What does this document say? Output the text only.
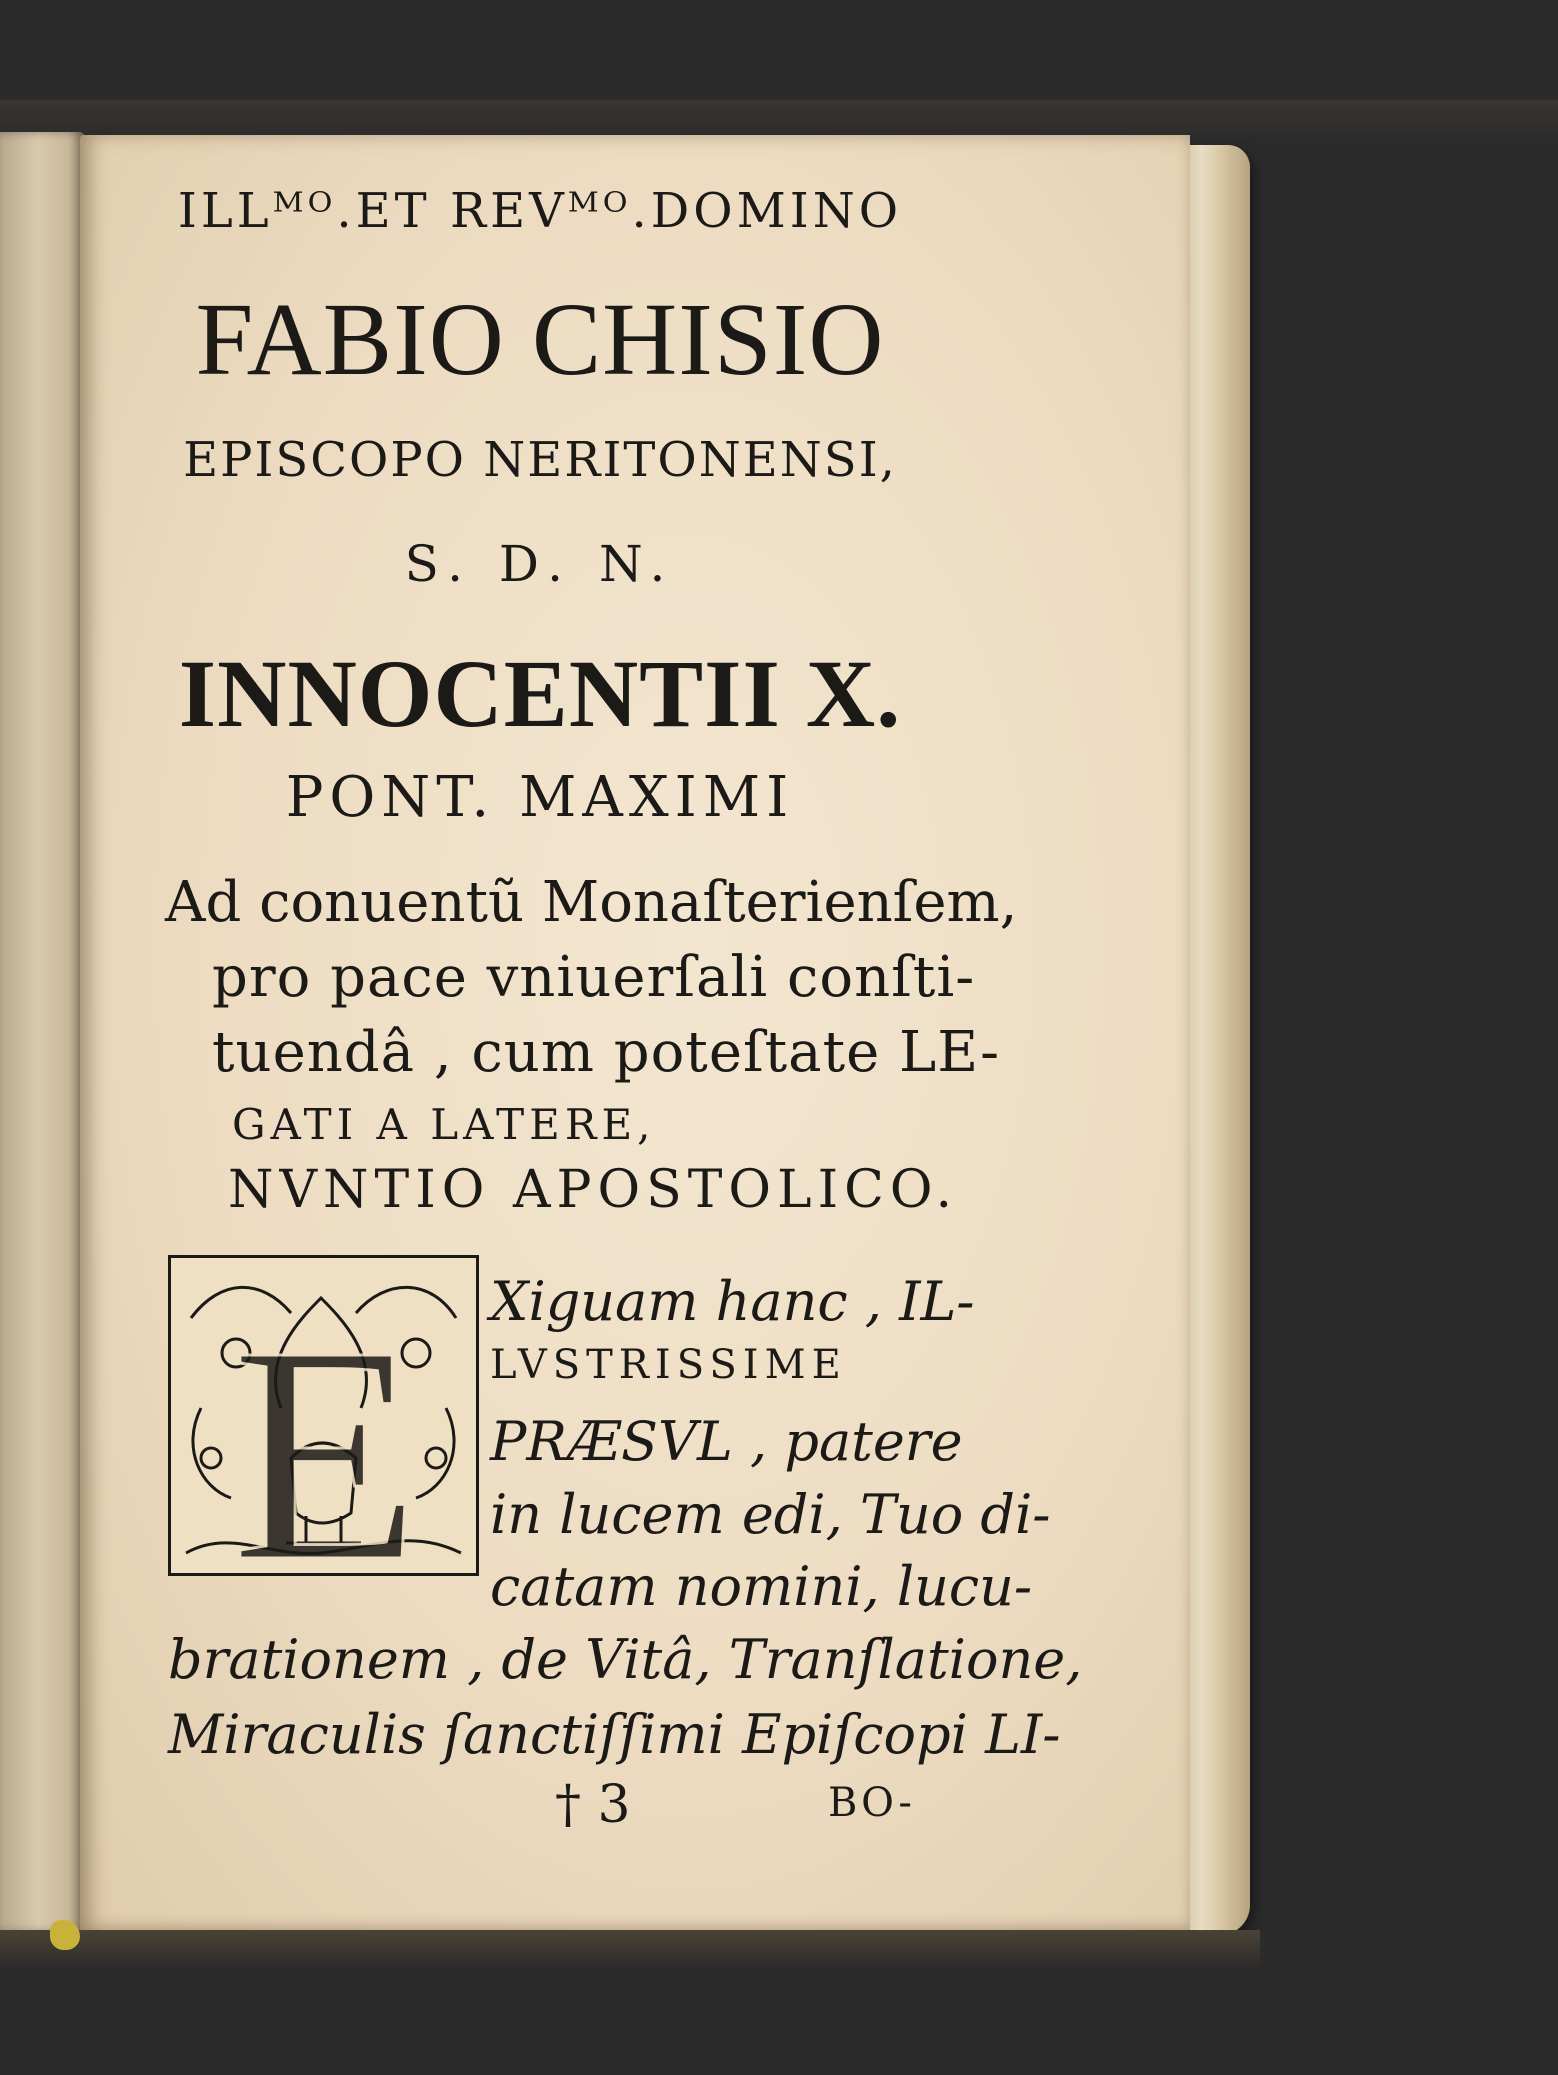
ILLᴹᴼ.ET REVᴹᴼ.DOMINO
FABIO CHISIO
EPISCOPO NERITONENSI,
S. D. N.
INNOCENTII X.
PONT. MAXIMI
Ad conuentũ Monaſterienſem,
pro pace vniuerſali conſti-
tuendâ , cum poteſtate LE-
GATI A LATERE,
NVNTIO APOSTOLICO.
E Xiguam hanc , IL-
LVSTRISSIME
PRÆSVL , patere
in lucem edi, Tuo di-
catam nomini, lucu-
brationem , de Vitâ, Tranſlatione,
Miraculis ſanctiſſimi Epiſcopi LI-
† 3	BO-
